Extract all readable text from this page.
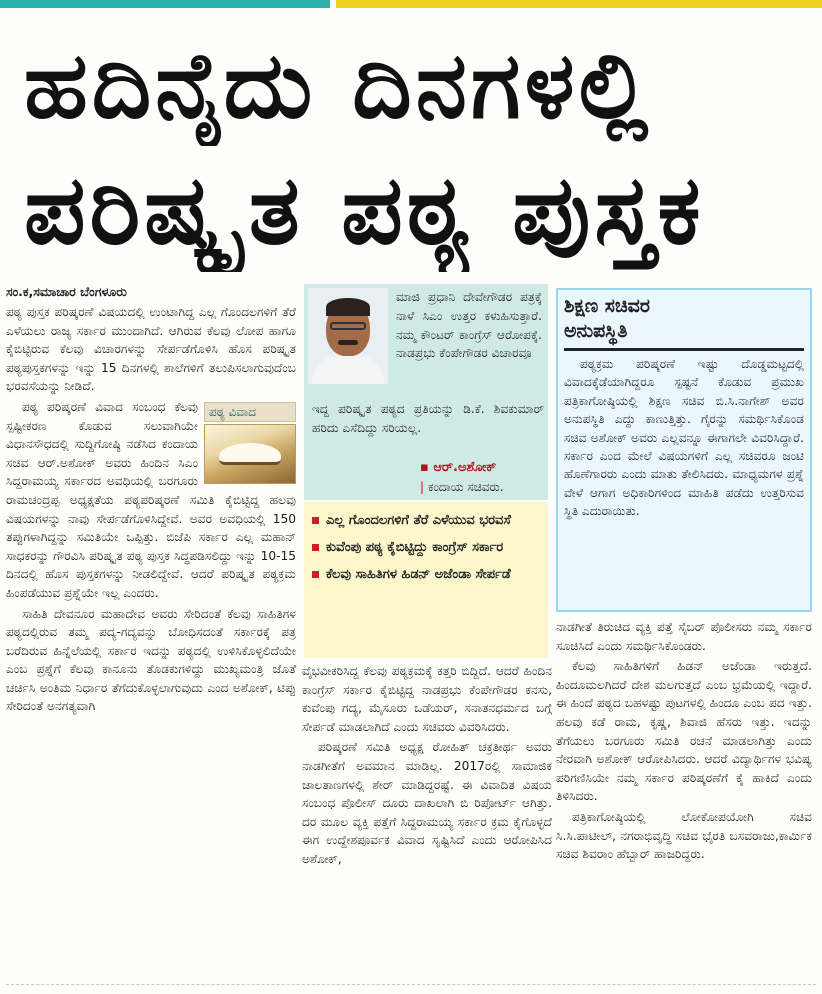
ಹದಿನೈದು ದಿನಗಳಲ್ಲಿ
ಪರಿಷ್ಕೃತ ಪಠ್ಯ ಪುಸ್ತಕ
ಸಂ.ಕ,ಸಮಾಚಾರ ಬೆಂಗಳೂರು

ಪಠ್ಯ ಪುಸ್ತಕ ಪರಿಷ್ಕರಣೆ ವಿಷಯದಲ್ಲಿ ಉಂಟಾಗಿದ್ದ ಎಲ್ಲ ಗೊಂದಲಗಳಿಗೆ ತೆರೆ ಎಳೆಯಲು ರಾಜ್ಯ ಸರ್ಕಾರ ಮುಂದಾಗಿದೆ. ಆಗಿರುವ ಕೆಲವು ಲೋಪ ಹಾಗೂ ಕೈಬಿಟ್ಟಿರುವ ಕೆಲವು ವಿಚಾರಗಳನ್ನು ಸೇರ್ಪಡೆಗೊಳಿಸಿ ಹೊಸ ಪರಿಷ್ಕೃತ ಪಠ್ಯಪುಸ್ತಕಗಳನ್ನು ಇನ್ನು 15 ದಿನಗಳಲ್ಲಿ ಶಾಲೆಗಳಿಗೆ ತಲುಪಿಸಲಾಗುವುದೆಂಬ ಭರವಸೆಯನ್ನು ನೀಡಿದೆ.

ಪಠ್ಯ ವಿವಾದ

ಪಠ್ಯ ಪರಿಷ್ಕರಣೆ ವಿವಾದ ಸಂಬಂಧ ಕೆಲವು ಸ್ಪಷ್ಟೀಕರಣ ಕೊಡುವ ಸಲುವಾಗಿಯೇ ವಿಧಾನಸೌಧದಲ್ಲಿ ಸುದ್ದಿಗೋಷ್ಠಿ ನಡೆಸಿದ ಕಂದಾಯ ಸಚಿವ ಆರ್.ಅಶೋಕ್ ಅವರು ಹಿಂದಿನ ಸಿಎಂ ಸಿದ್ದರಾಮಯ್ಯ ಸರ್ಕಾರದ ಅವಧಿಯಲ್ಲಿ ಬರಗೂರು ರಾಮಚಂದ್ರಪ್ಪ ಅಧ್ಯಕ್ಷತೆಯ ಪಠ್ಯಪರಿಷ್ಕರಣೆ ಸಮಿತಿ ಕೈಬಿಟ್ಟಿದ್ದ ಹಲವು ವಿಷಯಗಳನ್ನು ನಾವು ಸೇರ್ಪಡೆಗೊಳಿಸಿದ್ದೇವೆ. ಅವರ ಅವಧಿಯಲ್ಲಿ 150 ತಪ್ಪುಗಳಾಗಿದ್ದನ್ನು ಸಮಿತಿಯೇ ಒಪ್ಪಿತ್ತು. ಬಿಜೆಪಿ ಸರ್ಕಾರ ಎಲ್ಲ ಮಹಾನ್ ಸಾಧಕರನ್ನು ಗೌರವಿಸಿ ಪರಿಷ್ಕೃತ ಪಠ್ಯ ಪುಸ್ತಕ ಸಿದ್ಧಪಡಿಸಲಿದ್ದು ಇನ್ನು 10-15 ದಿನದಲ್ಲಿ ಹೊಸ ಪುಸ್ತಕಗಳನ್ನು ನೀಡಲಿದ್ದೇವೆ. ಆದರೆ ಪರಿಷ್ಕೃತ ಪಠ್ಯಕ್ರಮ ಹಿಂಪಡೆಯುವ ಪ್ರಶ್ನೆಯೇ ಇಲ್ಲ ಎಂದರು.

ಸಾಹಿತಿ ದೇವನೂರ ಮಹಾದೇವ ಅವರು ಸೇರಿದಂತೆ ಕೆಲವು ಸಾಹಿತಿಗಳ ಪಠ್ಯದಲ್ಲಿರುವ ತಮ್ಮ ಪದ್ಯ-ಗದ್ಯವನ್ನು ಬೋಧಿಸದಂತೆ ಸರ್ಕಾರಕ್ಕೆ ಪತ್ರ ಬರೆದಿರುವ ಹಿನ್ನೆಲೆಯಲ್ಲಿ ಸರ್ಕಾರ ಇದನ್ನು ಪಠ್ಯದಲ್ಲಿ ಉಳಿಸಿಕೊಳ್ಳಲಿದೆಯೇ ಎಂಬ ಪ್ರಶ್ನೆಗೆ ಕೆಲವು ಕಾನೂನು ತೊಡಕುಗಳಿದ್ದು ಮುಖ್ಯಮಂತ್ರಿ ಜೊತೆ ಚರ್ಚಿಸಿ ಅಂತಿಮ ನಿರ್ಧಾರ ತೆಗೆದುಕೊಳ್ಳಲಾಗುವುದು ಎಂದ ಅಶೋಕ್, ಟಿಪ್ಪು ಸೇರಿದಂತೆ ಅನಗತ್ಯವಾಗಿ

ಮಾಜಿ ಪ್ರಧಾನಿ ದೇವೇಗೌಡರ ಪತ್ರಕ್ಕೆ ನಾಳೆ ಸಿಎಂ ಉತ್ತರ ಕಳುಹಿಸುತ್ತಾರೆ. ನಮ್ಮ ಕೌಂಟರ್ ಕಾಂಗ್ರೆಸ್ ಆರೋಪಕ್ಕೆ. ನಾಡಪ್ರಭು ಕೆಂಪೇಗೌಡರ ವಿಚಾರವೂ
ಇದ್ದ ಪರಿಷ್ಕೃತ ಪಠ್ಯದ ಪ್ರತಿಯನ್ನು ಡಿ.ಕೆ. ಶಿವಕುಮಾರ್ ಹರಿದು ಎಸೆದಿದ್ದು ಸರಿಯಲ್ಲ.
▪ ಆರ್.ಅಶೋಕ್
| ಕಂದಾಯ ಸಚಿವರು.
ಎಲ್ಲ ಗೊಂದಲಗಳಿಗೆ ತೆರೆ ಎಳೆಯುವ ಭರವಸೆ
ಕುವೆಂಪು ಪಠ್ಯ ಕೈಬಿಟ್ಟಿದ್ದು ಕಾಂಗ್ರೆಸ್ ಸರ್ಕಾರ
ಕೆಲವು ಸಾಹಿತಿಗಳ ಹಿಡನ್ ಅಜೆಂಡಾ ಸೇರ್ಪಡೆ

ವೈಭವೀಕರಿಸಿದ್ದ ಕೆಲವು ಪಠ್ಯಕ್ರಮಕ್ಕೆ ಕತ್ತರಿ ಬಿದ್ದಿದೆ. ಆದರೆ ಹಿಂದಿನ ಕಾಂಗ್ರೆಸ್ ಸರ್ಕಾರ ಕೈಬಿಟ್ಟಿದ್ದ ನಾಡಪ್ರಭು ಕೆಂಪೇಗೌಡರ ಕನಸು, ಕುವೆಂಪು ಗದ್ಯ, ಮೈಸೂರು ಒಡೆಯರ್, ಸನಾತನಧರ್ಮದ ಬಗ್ಗೆ ಸೇರ್ಪಡೆ ಮಾಡಲಾಗಿದೆ ಎಂದು ಸಚಿವರು ವಿವರಿಸಿದರು.

ಪರಿಷ್ಕರಣೆ ಸಮಿತಿ ಅಧ್ಯಕ್ಷ ರೋಹಿತ್ ಚಕ್ರತೀರ್ಥ ಅವರು ನಾಡಗೀತೆಗೆ ಅವಮಾನ ಮಾಡಿಲ್ಲ. 2017ರಲ್ಲಿ ಸಾಮಾಜಿಕ ಜಾಲತಾಣಗಳಲ್ಲಿ ಶೇರ್ ಮಾಡಿದ್ದರಷ್ಟೆ. ಈ ವಿವಾದಿತ ವಿಷಯ ಸಂಬಂಧ ಪೊಲೀಸ್ ದೂರು ದಾಖಲಾಗಿ ಬಿ ರಿಪೋರ್ಟ್ ಆಗಿತ್ತು. ದರ ಮೂಲ ವ್ಯಕ್ತಿ ಪತ್ತೆಗೆ ಸಿದ್ದರಾಮಯ್ಯ ಸರ್ಕಾರ ಕ್ರಮ ಕೈಗೊಳ್ಳದೆ ಈಗ ಉದ್ದೇಶಪೂರ್ವಕ ವಿವಾದ ಸೃಷ್ಟಿಸಿದೆ ಎಂದು ಆರೋಪಿಸಿದ ಅಶೋಕ್,

ಶಿಕ್ಷಣ ಸಚಿವರ
ಅನುಪಸ್ಥಿತಿ

ಪಠ್ಯಕ್ರಮ ಪರಿಷ್ಕರಣೆ ಇಷ್ಟು ದೊಡ್ಡಮಟ್ಟದಲ್ಲಿ ವಿವಾದಕ್ಕೆಡೆಯಾಗಿದ್ದರೂ ಸ್ಪಷ್ಟನೆ ಕೊಡುವ ಪ್ರಮುಖ ಪತ್ರಿಕಾಗೋಷ್ಠಿಯಲ್ಲಿ ಶಿಕ್ಷಣ ಸಚಿವ ಬಿ.ಸಿ.ನಾಗೇಶ್ ಅವರ ಅನುಪಸ್ಥಿತಿ ಎದ್ದು ಕಾಣುತ್ತಿತ್ತು. ಗೈರನ್ನು ಸಮರ್ಥಿಸಿಕೊಂಡ ಸಚಿವ ಅಶೋಕ್ ಅವರು ಎಲ್ಲವನ್ನೂ ಈಗಾಗಲೇ ವಿವರಿಸಿದ್ದಾರೆ. ಸರ್ಕಾರ ಎಂದ ಮೇಲೆ ವಿಷಯಗಳಿಗೆ ಎಲ್ಲ ಸಚಿವರೂ ಜಂಟಿ ಹೊಣೆಗಾರರು ಎಂದು ಮಾತು ತೇಲಿಸಿದರು. ಮಾಧ್ಯಮಗಳ ಪ್ರಶ್ನೆ ವೇಳೆ ಆಗಾಗ ಅಧಿಕಾರಿಗಳಿಂದ ಮಾಹಿತಿ ಪಡೆದು ಉತ್ತರಿಸುವ ಸ್ಥಿತಿ ಎದುರಾಯಿತು.

ನಾಡಗೀತೆ ತಿರುಚಿದ ವ್ಯಕ್ತಿ ಪತ್ತೆ ಸೈಬರ್ ಪೊಲೀಸರು ನಮ್ಮ ಸರ್ಕಾರ ಸೂಚಿಸಿದೆ ಎಂದು ಸಮರ್ಥಿಸಿಕೊಂಡರು.

ಕೆಲವು ಸಾಹಿತಿಗಳಿಗೆ ಹಿಡನ್ ಅಜೆಂಡಾ ಇರುತ್ತದೆ. ಹಿಂದೂಮಲಗಿದರೆ ದೇಶ ಮಲಗುತ್ತದೆ ಎಂಬ ಭ್ರಮೆಯಲ್ಲಿ ಇದ್ದಾರೆ. ಈ ಹಿಂದೆ ಪಠ್ಯದ ಬಹಳಷ್ಟು ಪುಟಗಳಲ್ಲಿ ಹಿಂದೂ ಎಂಬ ಪದ ಇತ್ತು. ಹಲವು ಕಡೆ ರಾಮ, ಕೃಷ್ಣ, ಶಿವಾಜಿ ಹೆಸರು ಇತ್ತು. ಇದನ್ನು ತೆಗೆಯಲು ಬರಗೂರು ಸಮಿತಿ ರಚನೆ ಮಾಡಲಾಗಿತ್ತು ಎಂದು ನೇರವಾಗಿ ಅಶೋಕ್ ಆರೋಪಿಸಿದರು. ಆದರೆ ವಿದ್ಯಾರ್ಥಿಗಳ ಭವಿಷ್ಯ ಪರಿಗಣಿಸಿಯೇ ನಮ್ಮ ಸರ್ಕಾರ ಪರಿಷ್ಕರಣೆಗೆ ಕೈ ಹಾಕಿದೆ ಎಂದು ತಿಳಿಸಿದರು.

ಪತ್ರಿಕಾಗೋಷ್ಠಿಯಲ್ಲಿ ಲೋಕೋಪಯೋಗಿ ಸಚಿವ ಸಿ.ಸಿ.ಪಾಟೀಲ್, ನಗರಾಭಿವೃದ್ಧಿ ಸಚಿವ ಭೈರತಿ ಬಸವರಾಜು,ಕಾರ್ಮಿಕ ಸಚಿವ ಶಿವರಾಂ ಹೆಬ್ಬಾರ್ ಹಾಜರಿದ್ದರು.
